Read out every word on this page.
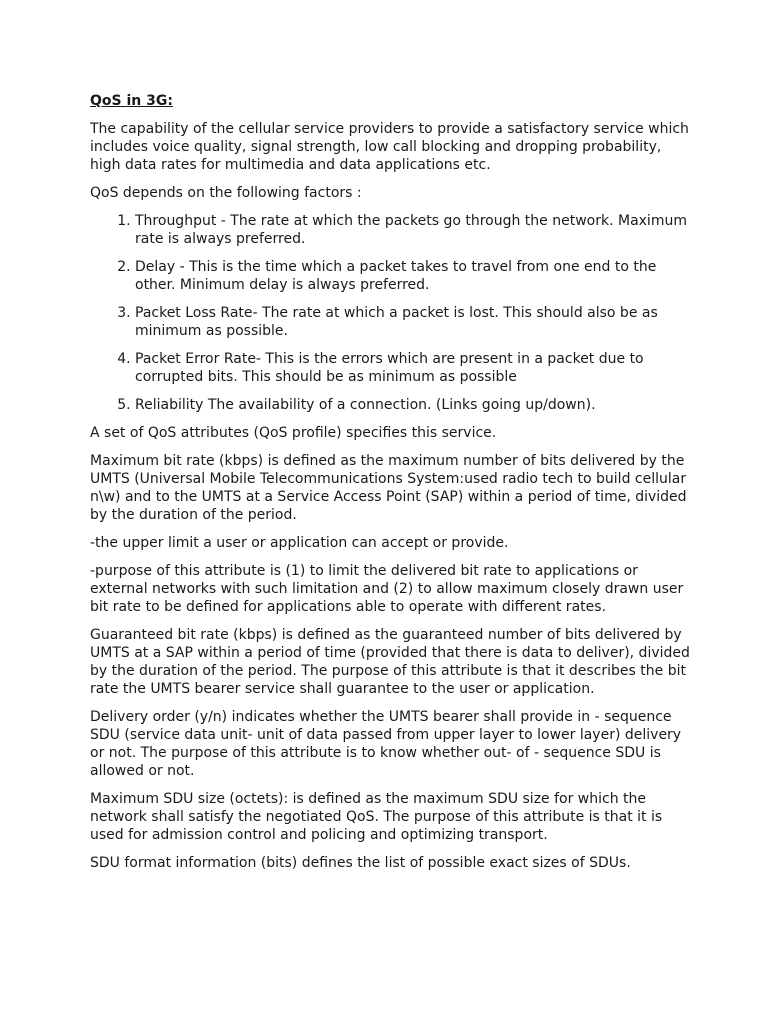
QoS in 3G:

The capability of the cellular service providers to provide a satisfactory service which includes voice quality, signal strength, low call blocking and dropping probability, high data rates for multimedia and data applications etc.

QoS depends on the following factors :

1. Throughput - The rate at which the packets go through the network. Maximum rate is always preferred.
2. Delay - This is the time which a packet takes to travel from one end to the other. Minimum delay is always preferred.
3. Packet Loss Rate- The rate at which a packet is lost. This should also be as minimum as possible.
4. Packet Error Rate- This is the errors which are present in a packet due to corrupted bits. This should be as minimum as possible
5. Reliability The availability of a connection. (Links going up/down).

A set of QoS attributes (QoS profile) specifies this service.

Maximum bit rate (kbps) is defined as the maximum number of bits delivered by the UMTS (Universal Mobile Telecommunications System:used radio tech to build cellular n\w) and to the UMTS at a Service Access Point (SAP) within a period of time, divided by the duration of the period.

-the upper limit a user or application can accept or provide.

-purpose of this attribute is (1) to limit the delivered bit rate to applications or external networks with such limitation and (2) to allow maximum closely drawn user bit rate to be defined for applications able to operate with different rates.

Guaranteed bit rate (kbps) is defined as the guaranteed number of bits delivered by UMTS at a SAP within a period of time (provided that there is data to deliver), divided by the duration of the period. The purpose of this attribute is that it describes the bit rate the UMTS bearer service shall guarantee to the user or application.

Delivery order (y/n) indicates whether the UMTS bearer shall provide in - sequence SDU (service data unit- unit of data passed from upper layer to lower layer) delivery or not. The purpose of this attribute is to know whether out- of - sequence SDU is allowed or not.

Maximum SDU size (octets): is defined as the maximum SDU size for which the network shall satisfy the negotiated QoS. The purpose of this attribute is that it is used for admission control and policing and optimizing transport.

SDU format information (bits) defines the list of possible exact sizes of SDUs.
